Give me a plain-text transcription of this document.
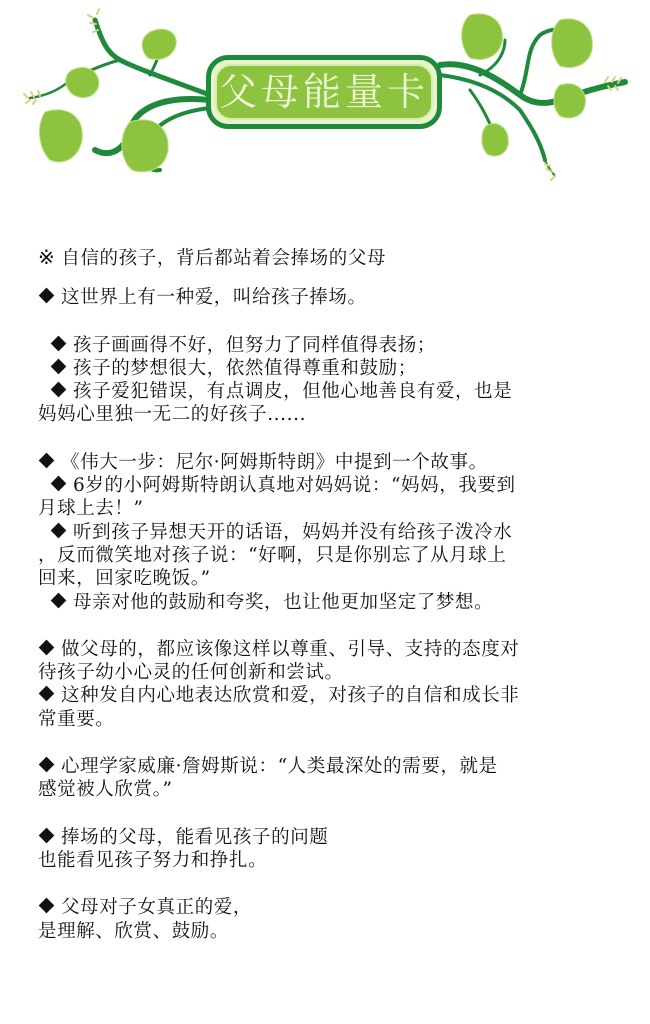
父母能量卡
※ 自信的孩子，背后都站着会捧场的父母
这世界上有一种爱，叫给孩子捧场。
孩子画画得不好，但努力了同样值得表扬；
孩子的梦想很大，依然值得尊重和鼓励；
孩子爱犯错误，有点调皮，但他心地善良有爱，也是
妈妈心里独一无二的好孩子......
《伟大一步：尼尔·阿姆斯特朗》中提到一个故事。
6岁的小阿姆斯特朗认真地对妈妈说：“妈妈，我要到
月球上去！”
听到孩子异想天开的话语，妈妈并没有给孩子泼冷水
，反而微笑地对孩子说：“好啊，只是你别忘了从月球上
回来，回家吃晚饭。”
母亲对他的鼓励和夸奖，也让他更加坚定了梦想。
做父母的，都应该像这样以尊重、引导、支持的态度对
待孩子幼小心灵的任何创新和尝试。
这种发自内心地表达欣赏和爱，对孩子的自信和成长非
常重要。
心理学家威廉·詹姆斯说：“人类最深处的需要，就是
感觉被人欣赏。”
捧场的父母，能看见孩子的问题
也能看见孩子努力和挣扎。
父母对子女真正的爱，
是理解、欣赏、鼓励。
